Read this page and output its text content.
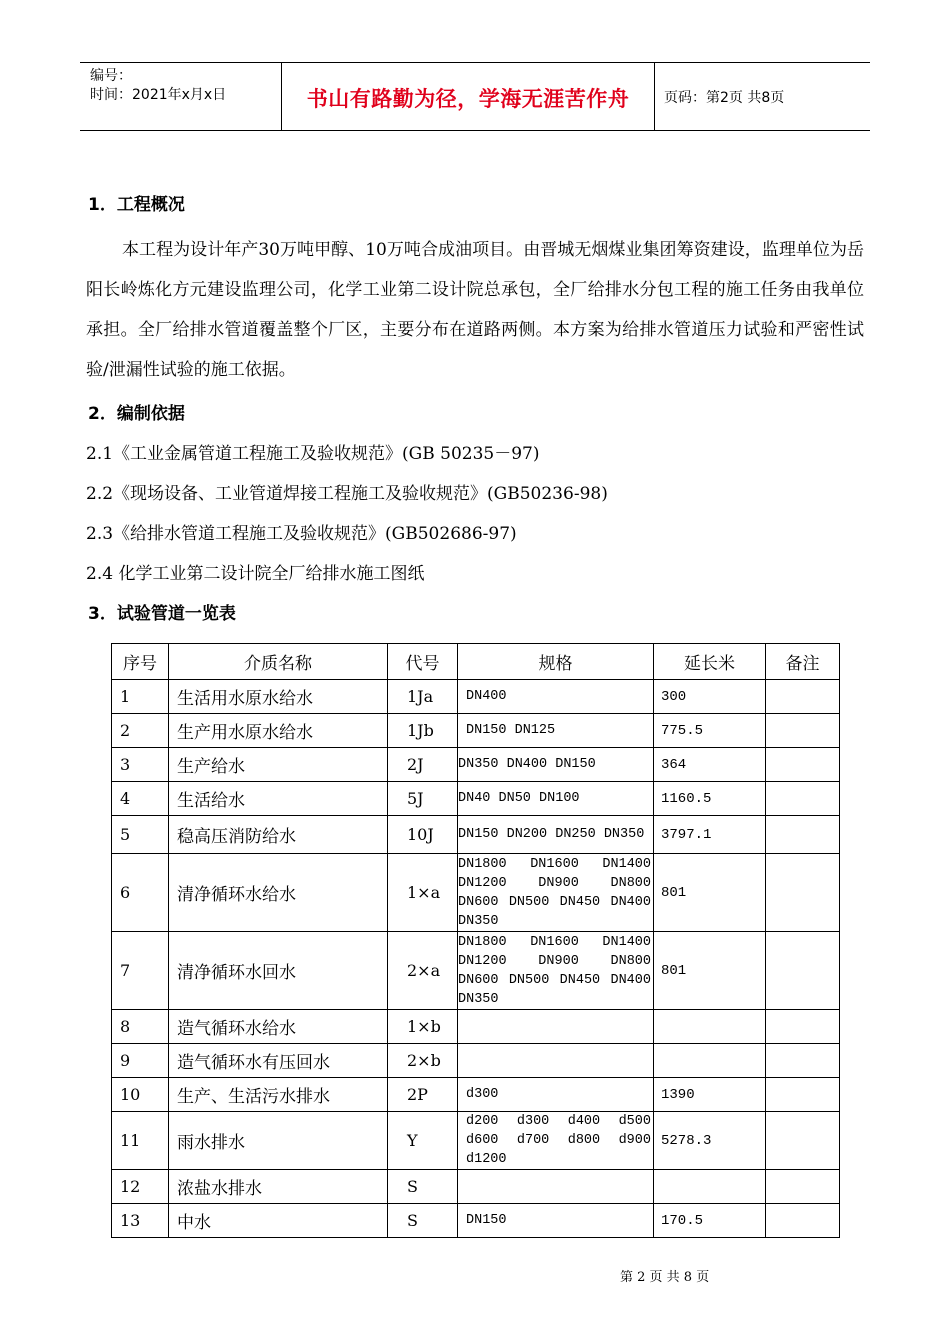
编号：
时间：2021年x月x日	书山有路勤为径，学海无涯苦作舟	页码：第2页 共8页
1．工程概况
本工程为设计年产30万吨甲醇、10万吨合成油项目。由晋城无烟煤业集团筹资建设，监理单位为岳阳长岭炼化方元建设监理公司，化学工业第二设计院总承包，全厂给排水分包工程的施工任务由我单位承担。全厂给排水管道覆盖整个厂区，主要分布在道路两侧。本方案为给排水管道压力试验和严密性试验/泄漏性试验的施工依据。
2．编制依据
2.1《工业金属管道工程施工及验收规范》(GB 50235－97)
2.2《现场设备、工业管道焊接工程施工及验收规范》(GB50236-98)
2.3《给排水管道工程施工及验收规范》(GB502686-97)
2.4 化学工业第二设计院全厂给排水施工图纸
3．试验管道一览表
序号	介质名称	代号	规格	延长米	备注
1	生活用水原水给水	1Ja	DN400	300	
2	生产用水原水给水	1Jb	DN150 DN125	775.5	
3	生产给水	2J	DN350 DN400 DN150	364	
4	生活给水	5J	DN40 DN50 DN100	1160.5	
5	稳高压消防给水	10J	DN150 DN200 DN250 DN350	3797.1	
6	清净循环水给水	1×a	DN1800 DN1600 DN1400 DN1200 DN900 DN800 DN600 DN500 DN450 DN400 DN350	801	
7	清净循环水回水	2×a	DN1800 DN1600 DN1400 DN1200 DN900 DN800 DN600 DN500 DN450 DN400 DN350	801	
8	造气循环水给水	1×b			
9	造气循环水有压回水	2×b			
10	生产、生活污水排水	2P	d300	1390	
11	雨水排水	Y	d200 d300 d400 d500 d600 d700 d800 d900 d1200	5278.3	
12	浓盐水排水	S			
13	中水	S	DN150	170.5	
第 2 页 共 8 页
